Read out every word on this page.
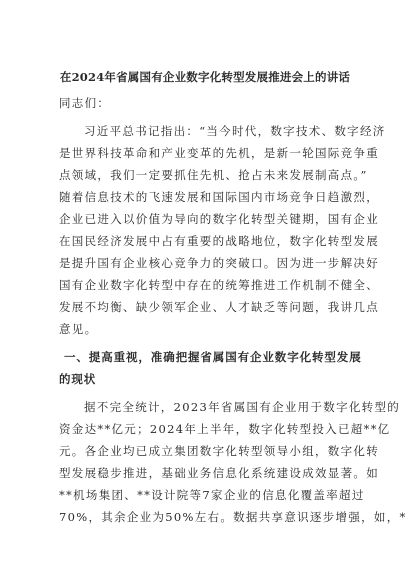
在2024年省属国有企业数字化转型发展推进会上的讲话
同志们：
习近平总书记指出：“当今时代，数字技术、数字经济
是世界科技革命和产业变革的先机，是新一轮国际竞争重
点领域，我们一定要抓住先机、抢占未来发展制高点。”
随着信息技术的飞速发展和国际国内市场竞争日趋激烈，
企业已进入以价值为导向的数字化转型关键期，国有企业
在国民经济发展中占有重要的战略地位，数字化转型发展
是提升国有企业核心竞争力的突破口。因为进一步解决好
国有企业数字化转型中存在的统筹推进工作机制不健全、
发展不均衡、缺少领军企业、人才缺乏等问题，我讲几点
意见。
一、提高重视，准确把握省属国有企业数字化转型发展
的现状
据不完全统计，2023年省属国有企业用于数字化转型的
资金达**亿元；2024年上半年，数字化转型投入已超**亿
元。各企业均已成立集团数字化转型领导小组，数字化转
型发展稳步推进，基础业务信息化系统建设成效显著。如
**机场集团、**设计院等7家企业的信息化覆盖率超过
70%，其余企业为50%左右。数据共享意识逐步增强，如，*
